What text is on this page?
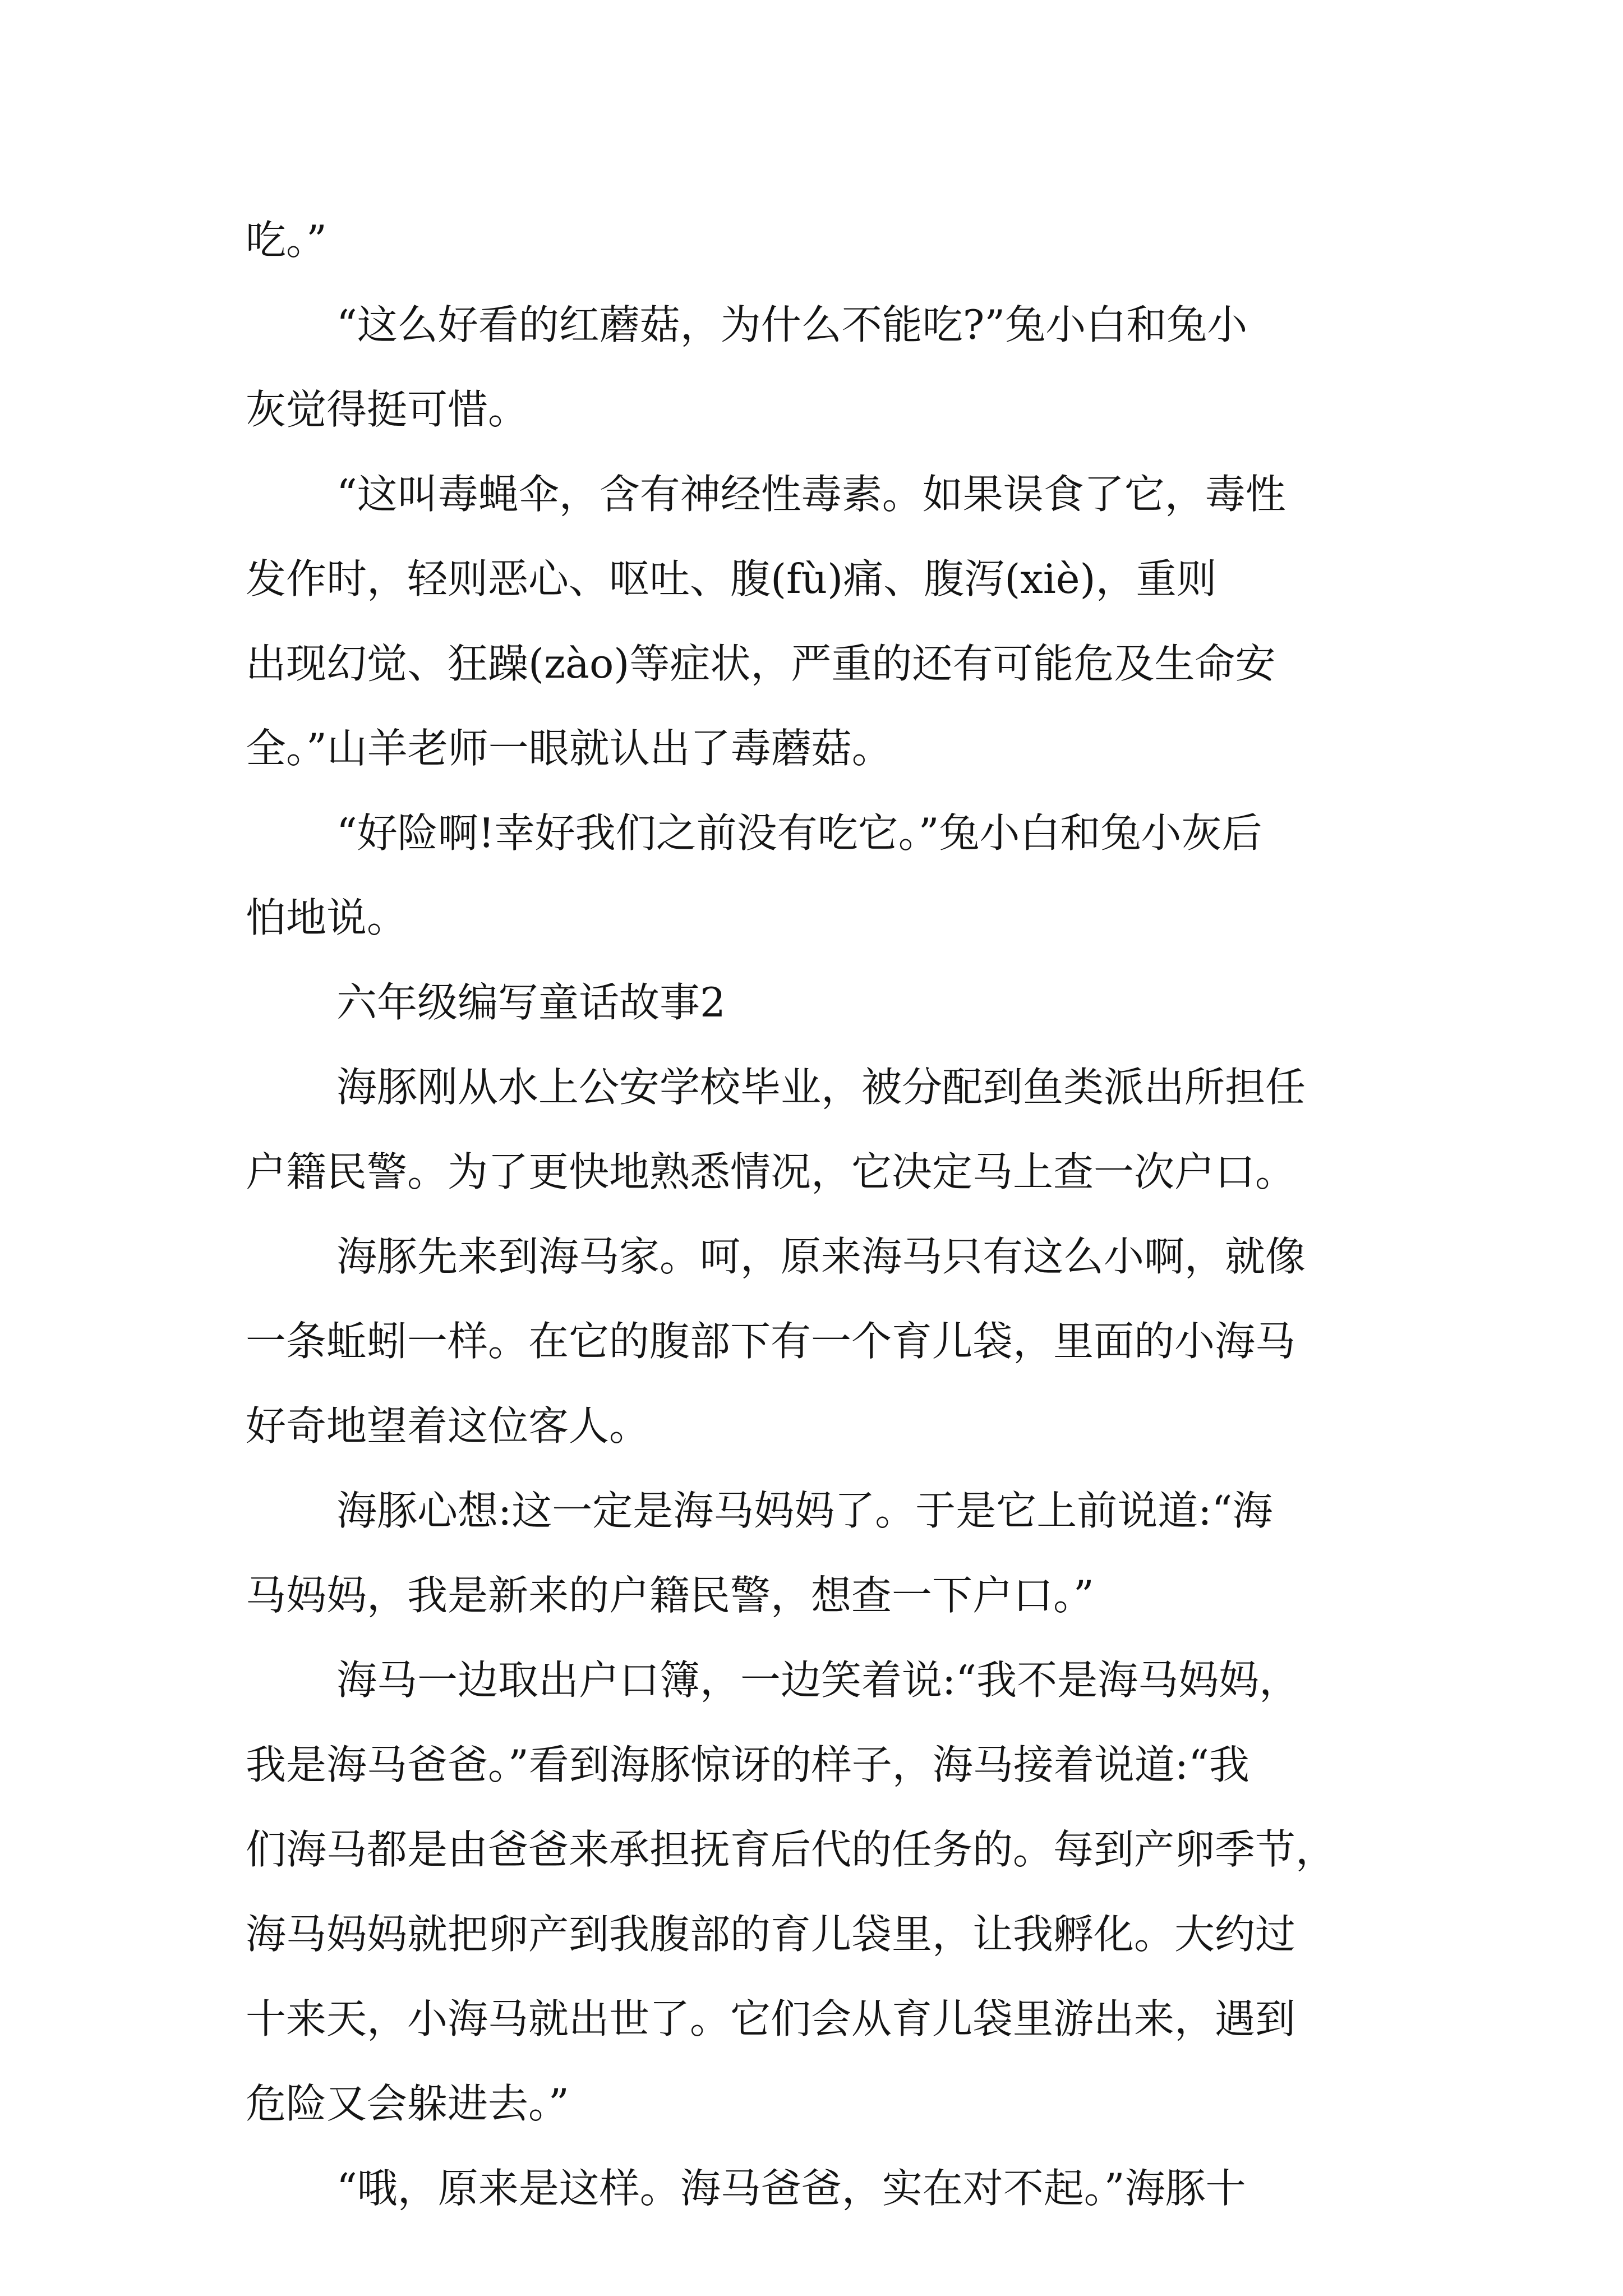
吃。”
“这么好看的红蘑菇，为什么不能吃?”兔小白和兔小
灰觉得挺可惜。
“这叫毒蝇伞，含有神经性毒素。如果误食了它，毒性
发作时，轻则恶心、呕吐、腹(fù)痛、腹泻(xiè)，重则
出现幻觉、狂躁(zào)等症状，严重的还有可能危及生命安
全。”山羊老师一眼就认出了毒蘑菇。
“好险啊!幸好我们之前没有吃它。”兔小白和兔小灰后
怕地说。
六年级编写童话故事2
海豚刚从水上公安学校毕业，被分配到鱼类派出所担任
户籍民警。为了更快地熟悉情况，它决定马上查一次户口。
海豚先来到海马家。呵，原来海马只有这么小啊，就像
一条蚯蚓一样。在它的腹部下有一个育儿袋，里面的小海马
好奇地望着这位客人。
海豚心想:这一定是海马妈妈了。于是它上前说道:“海
马妈妈，我是新来的户籍民警，想查一下户口。”
海马一边取出户口簿，一边笑着说:“我不是海马妈妈，
我是海马爸爸。”看到海豚惊讶的样子，海马接着说道:“我
们海马都是由爸爸来承担抚育后代的任务的。每到产卵季节，
海马妈妈就把卵产到我腹部的育儿袋里，让我孵化。大约过
十来天，小海马就出世了。它们会从育儿袋里游出来，遇到
危险又会躲进去。”
“哦，原来是这样。海马爸爸，实在对不起。”海豚十
